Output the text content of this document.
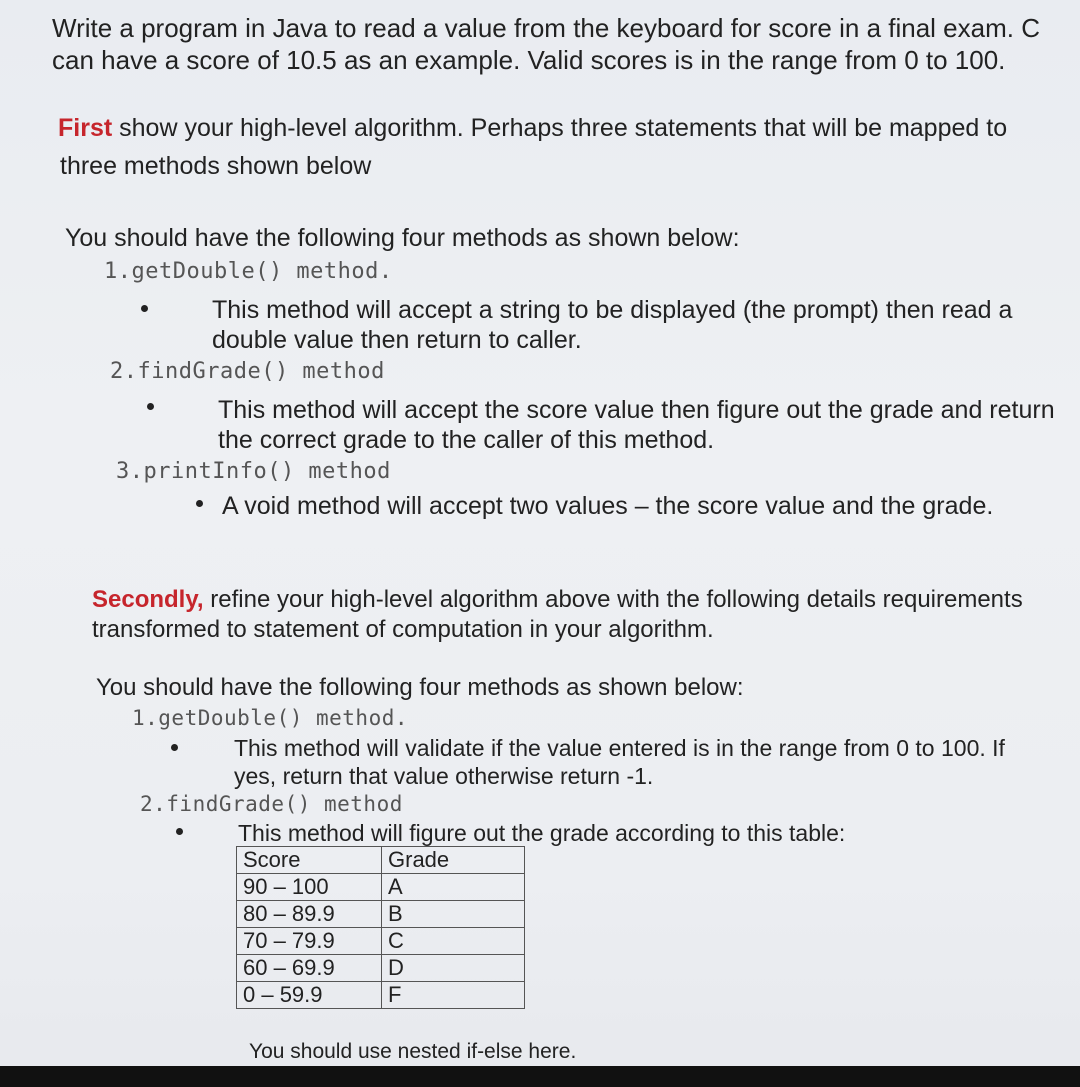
Write a program in Java to read a value from the keyboard for score in a final exam. C
can have a score of 10.5 as an example. Valid scores is in the range from 0 to 100.
First show your high-level algorithm. Perhaps three statements that will be mapped to
three methods shown below
You should have the following four methods as shown below:
1.getDouble() method.
This method will accept a string to be displayed (the prompt) then read a
double value then return to caller.
2.findGrade() method
This method will accept the score value then figure out the grade and return
the correct grade to the caller of this method.
3.printInfo() method
A void method will accept two values – the score value and the grade.
Secondly, refine your high-level algorithm above with the following details requirements
transformed to statement of computation in your algorithm.
You should have the following four methods as shown below:
1.getDouble() method.
This method will validate if the value entered is in the range from 0 to 100. If
yes, return that value otherwise return -1.
2.findGrade() method
This method will figure out the grade according to this table:
Score	Grade
90 – 100	A
80 – 89.9	B
70 – 79.9	C
60 – 69.9	D
0 – 59.9	F
You should use nested if-else here.
